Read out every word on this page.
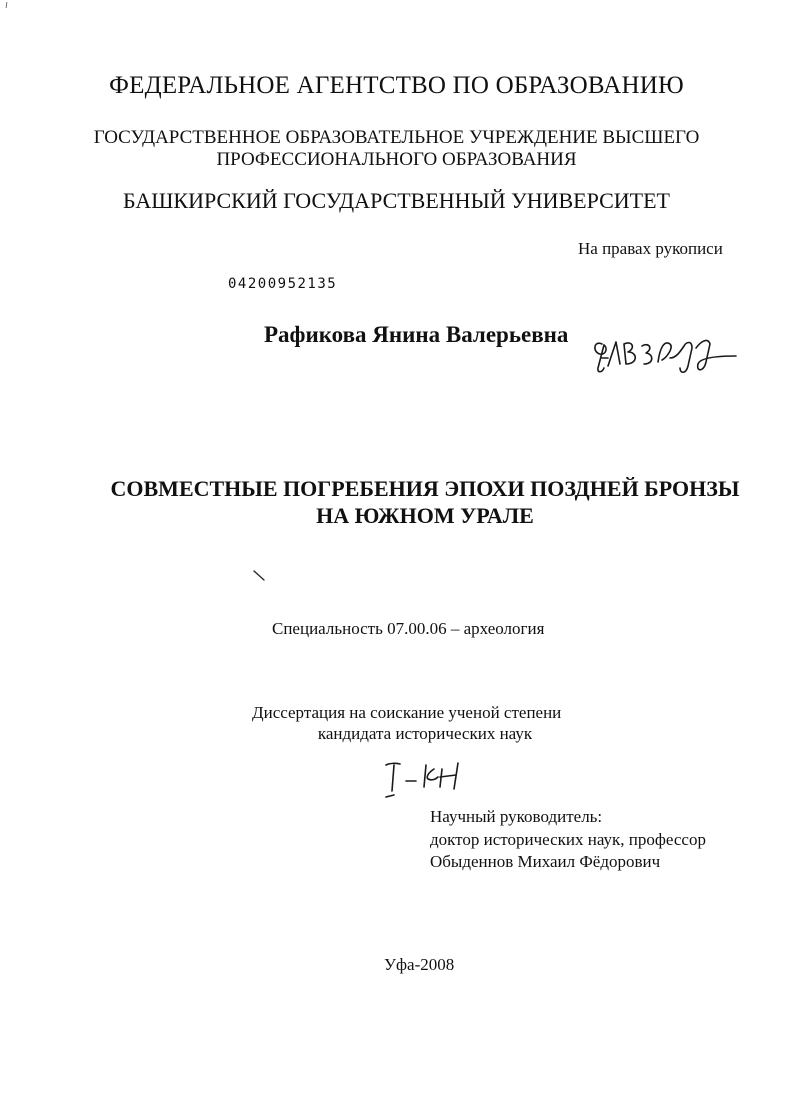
ФЕДЕРАЛЬНОЕ АГЕНТСТВО ПО ОБРАЗОВАНИЮ
ГОСУДАРСТВЕННОЕ ОБРАЗОВАТЕЛЬНОЕ УЧРЕЖДЕНИЕ ВЫСШЕГО
ПРОФЕССИОНАЛЬНОГО ОБРАЗОВАНИЯ
БАШКИРСКИЙ ГОСУДАРСТВЕННЫЙ УНИВЕРСИТЕТ
На правах рукописи
04200952135
Рафикова Янина Валерьевна
СОВМЕСТНЫЕ ПОГРЕБЕНИЯ ЭПОХИ ПОЗДНЕЙ БРОНЗЫ
НА ЮЖНОМ УРАЛЕ
Специальность 07.00.06 – археология
Диссертация на соискание ученой степени
кандидата исторических наук
Научный руководитель:
доктор исторических наук, профессор
Обыденнов Михаил Фёдорович
Уфа-2008
